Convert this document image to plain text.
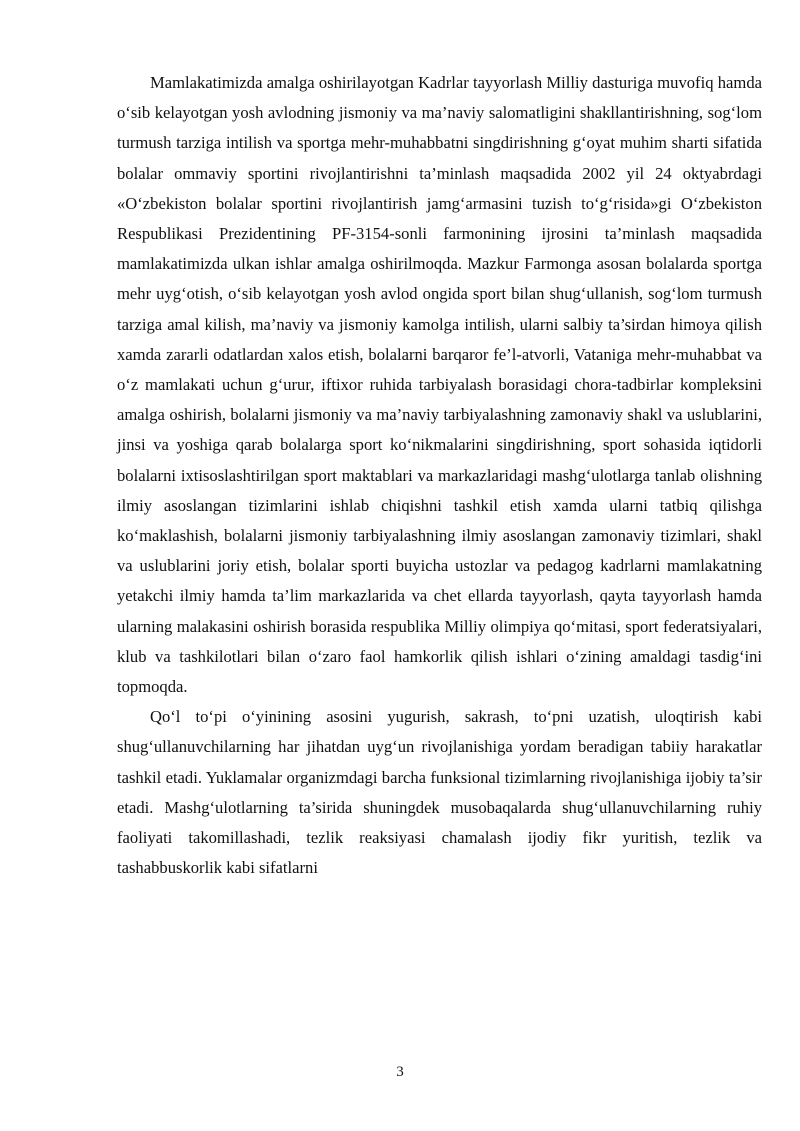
Mamlakatimizda amalga oshirilayotgan Kadrlar tayyorlash Milliy dasturiga muvofiq hamda o‘sib kelayotgan yosh avlodning jismoniy va ma’naviy salomatligini shakllantirishning, sog‘lom turmush tarziga intilish va sportga mehr-muhabbatni singdirishning g‘oyat muhim sharti sifatida bolalar ommaviy sportini rivojlantirishni ta’minlash maqsadida 2002 yil 24 oktyabrdagi «O‘zbekiston bolalar sportini rivojlantirish jamg‘armasini tuzish to‘g‘risida»gi O‘zbekiston Respublikasi Prezidentining PF-3154-sonli farmonining ijrosini ta’minlash maqsadida mamlakatimizda ulkan ishlar amalga oshirilmoqda. Mazkur Farmonga asosan bolalarda sportga mehr uyg‘otish, o‘sib kelayotgan yosh avlod ongida sport bilan shug‘ullanish, sog‘lom turmush tarziga amal kilish, ma’naviy va jismoniy kamolga intilish, ularni salbiy ta’sirdan himoya qilish xamda zararli odatlardan xalos etish, bolalarni barqaror fe’l-atvorli, Vataniga mehr-muhabbat va o‘z mamlakati uchun g‘urur, iftixor ruhida tarbiyalash borasidagi chora-tadbirlar kompleksini amalga oshirish, bolalarni jismoniy va ma’naviy tarbiyalashning zamonaviy shakl va uslublarini, jinsi va yoshiga qarab bolalarga sport ko‘nikmalarini singdirishning, sport sohasida iqtidorli bolalarni ixtisoslashtirilgan sport maktablari va markazlaridagi mashg‘ulotlarga tanlab olishning ilmiy asoslangan tizimlarini ishlab chiqishni tashkil etish xamda ularni tatbiq qilishga ko‘maklashish, bolalarni jismoniy tarbiyalashning ilmiy asoslangan zamonaviy tizimlari, shakl va uslublarini joriy etish, bolalar sporti buyicha ustozlar va pedagog kadrlarni mamlakatning yetakchi ilmiy hamda ta’lim markazlarida va chet ellarda tayyorlash, qayta tayyorlash hamda ularning malakasini oshirish borasida respublika Milliy olimpiya qo‘mitasi, sport federatsiyalari, klub va tashkilotlari bilan o‘zaro faol hamkorlik qilish ishlari o‘zining amaldagi tasdig‘ini topmoqda.

Qo‘l to‘pi o‘yinining asosini yugurish, sakrash, to‘pni uzatish, uloqtirish kabi shug‘ullanuvchilarning har jihatdan uyg‘un rivojlanishiga yordam beradigan tabiiy harakatlar tashkil etadi. Yuklamalar organizmdagi barcha funksional tizimlarning rivojlanishiga ijobiy ta’sir etadi. Mashg‘ulotlarning ta’sirida shuningdek musobaqalarda shug‘ullanuvchilarning ruhiy faoliyati takomillashadi, tezlik reaksiyasi chamalash ijodiy fikr yuritish, tezlik va tashabbuskorlik kabi sifatlarni

3
